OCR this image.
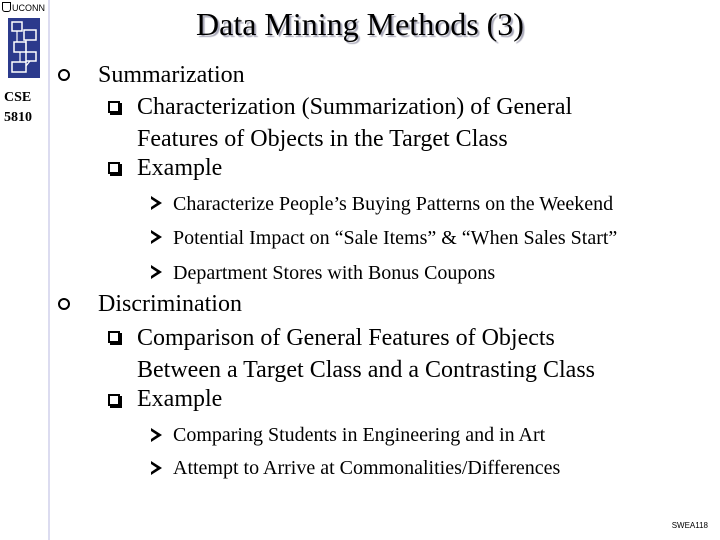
UCONN
CSE
5810
Data Mining Methods (3)
Summarization
Characterization (Summarization) of General
Features of Objects in the Target Class
Example
Characterize People’s Buying Patterns on the Weekend
Potential Impact on “Sale Items” & “When Sales Start”
Department Stores with Bonus Coupons
Discrimination
Comparison of General Features of Objects
Between a Target Class and a Contrasting Class
Example
Comparing Students in Engineering and in Art
Attempt to Arrive at Commonalities/Differences
SWEA118
